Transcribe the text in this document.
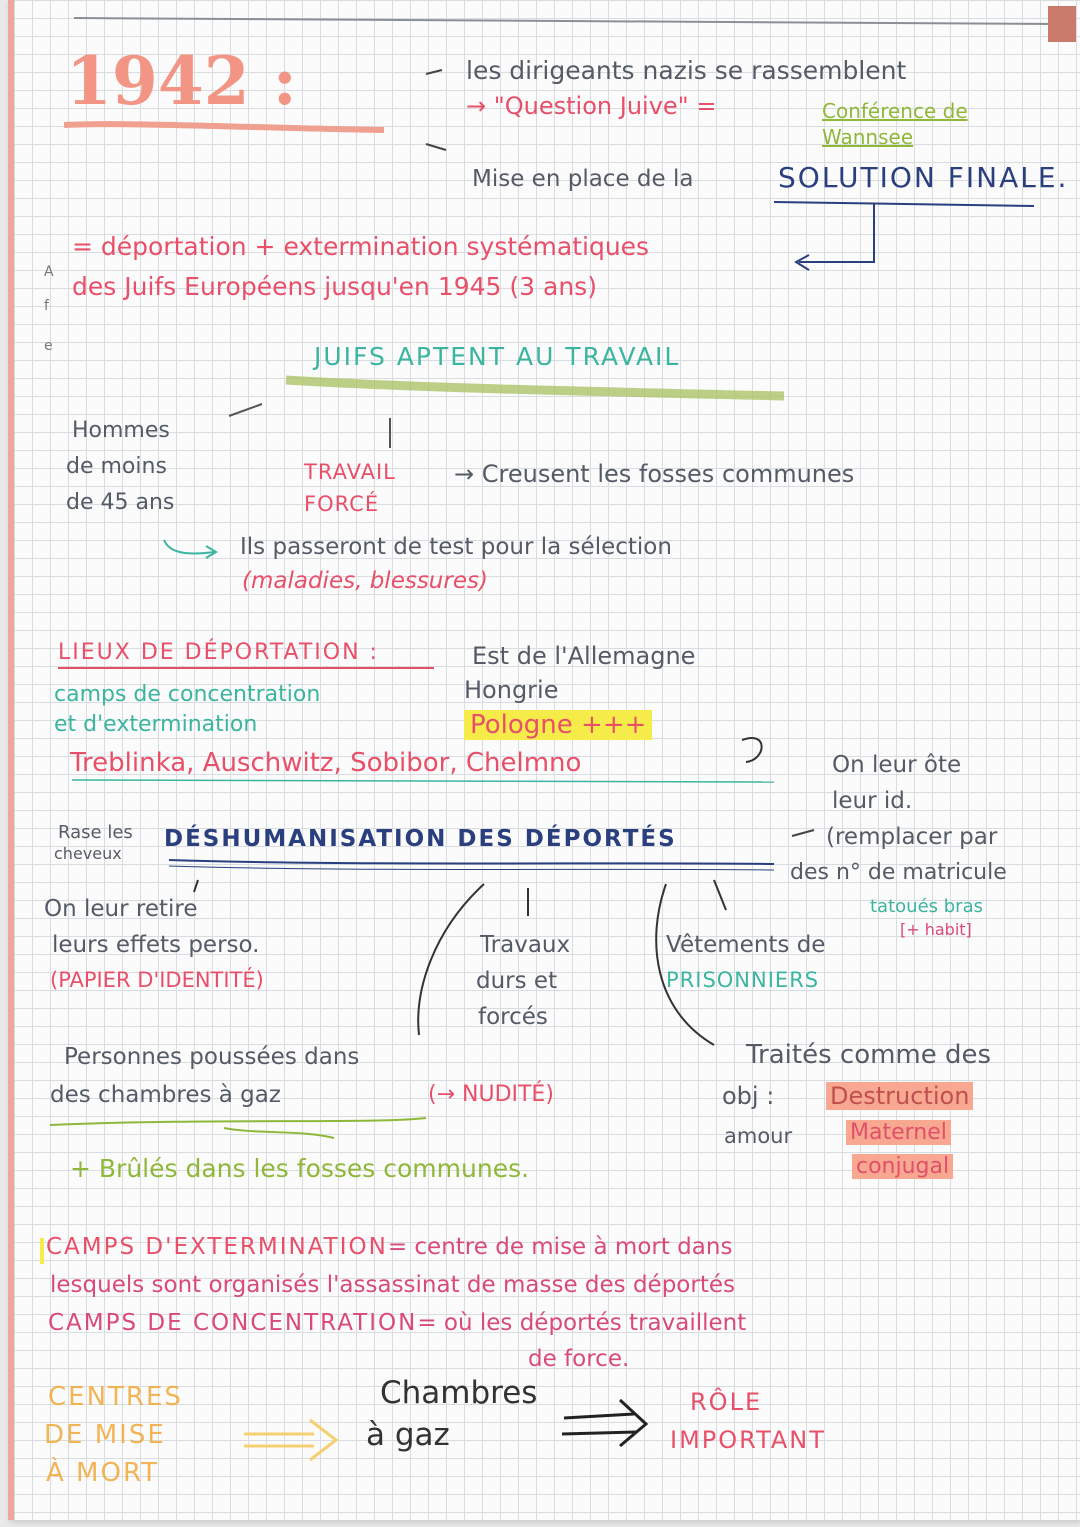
A
f
e
1942 :	les dirigeants nazis se rassemblent
→ "Question Juive" =	Conférence de Wannsee
Mise en place de la	SOLUTION FINALE.
= déportation + extermination systématiques
des Juifs Européens jusqu'en 1945 (3 ans)
JUIFS APTENT AU TRAVAIL
Hommes
de moins
de 45 ans
TRAVAIL
FORCÉ
→ Creusent les fosses communes
Ils passeront de test pour la sélection
(maladies, blessures)
LIEUX DE DÉPORTATION :
camps de concentration
et d'extermination
Est de l'Allemagne
Hongrie
Pologne +++
Treblinka, Auschwitz, Sobibor, Chelmno
Rase les
cheveux
DÉSHUMANISATION DES DÉPORTÉS
On leur ôte
leur id.
(remplacer par
des n° de matricule
tatoués bras
[+ habit]
On leur retire
leurs effets perso.
(PAPIER D'IDENTITÉ)
Travaux
durs et
forcés
Vêtements de
PRISONNIERS
Personnes poussées dans
des chambres à gaz	(→ NUDITÉ)
+ Brûlés dans les fosses communes.
Traités comme des
obj : Destruction
amour	Maternel
conjugal
CAMPS D'EXTERMINATION= centre de mise à mort dans
lesquels sont organisés l'assassinat de masse des déportés
CAMPS DE CONCENTRATION= où les déportés travaillent
de force.
CENTRES
DE MISE
À MORT
Chambres
à gaz
RÔLE
IMPORTANT
